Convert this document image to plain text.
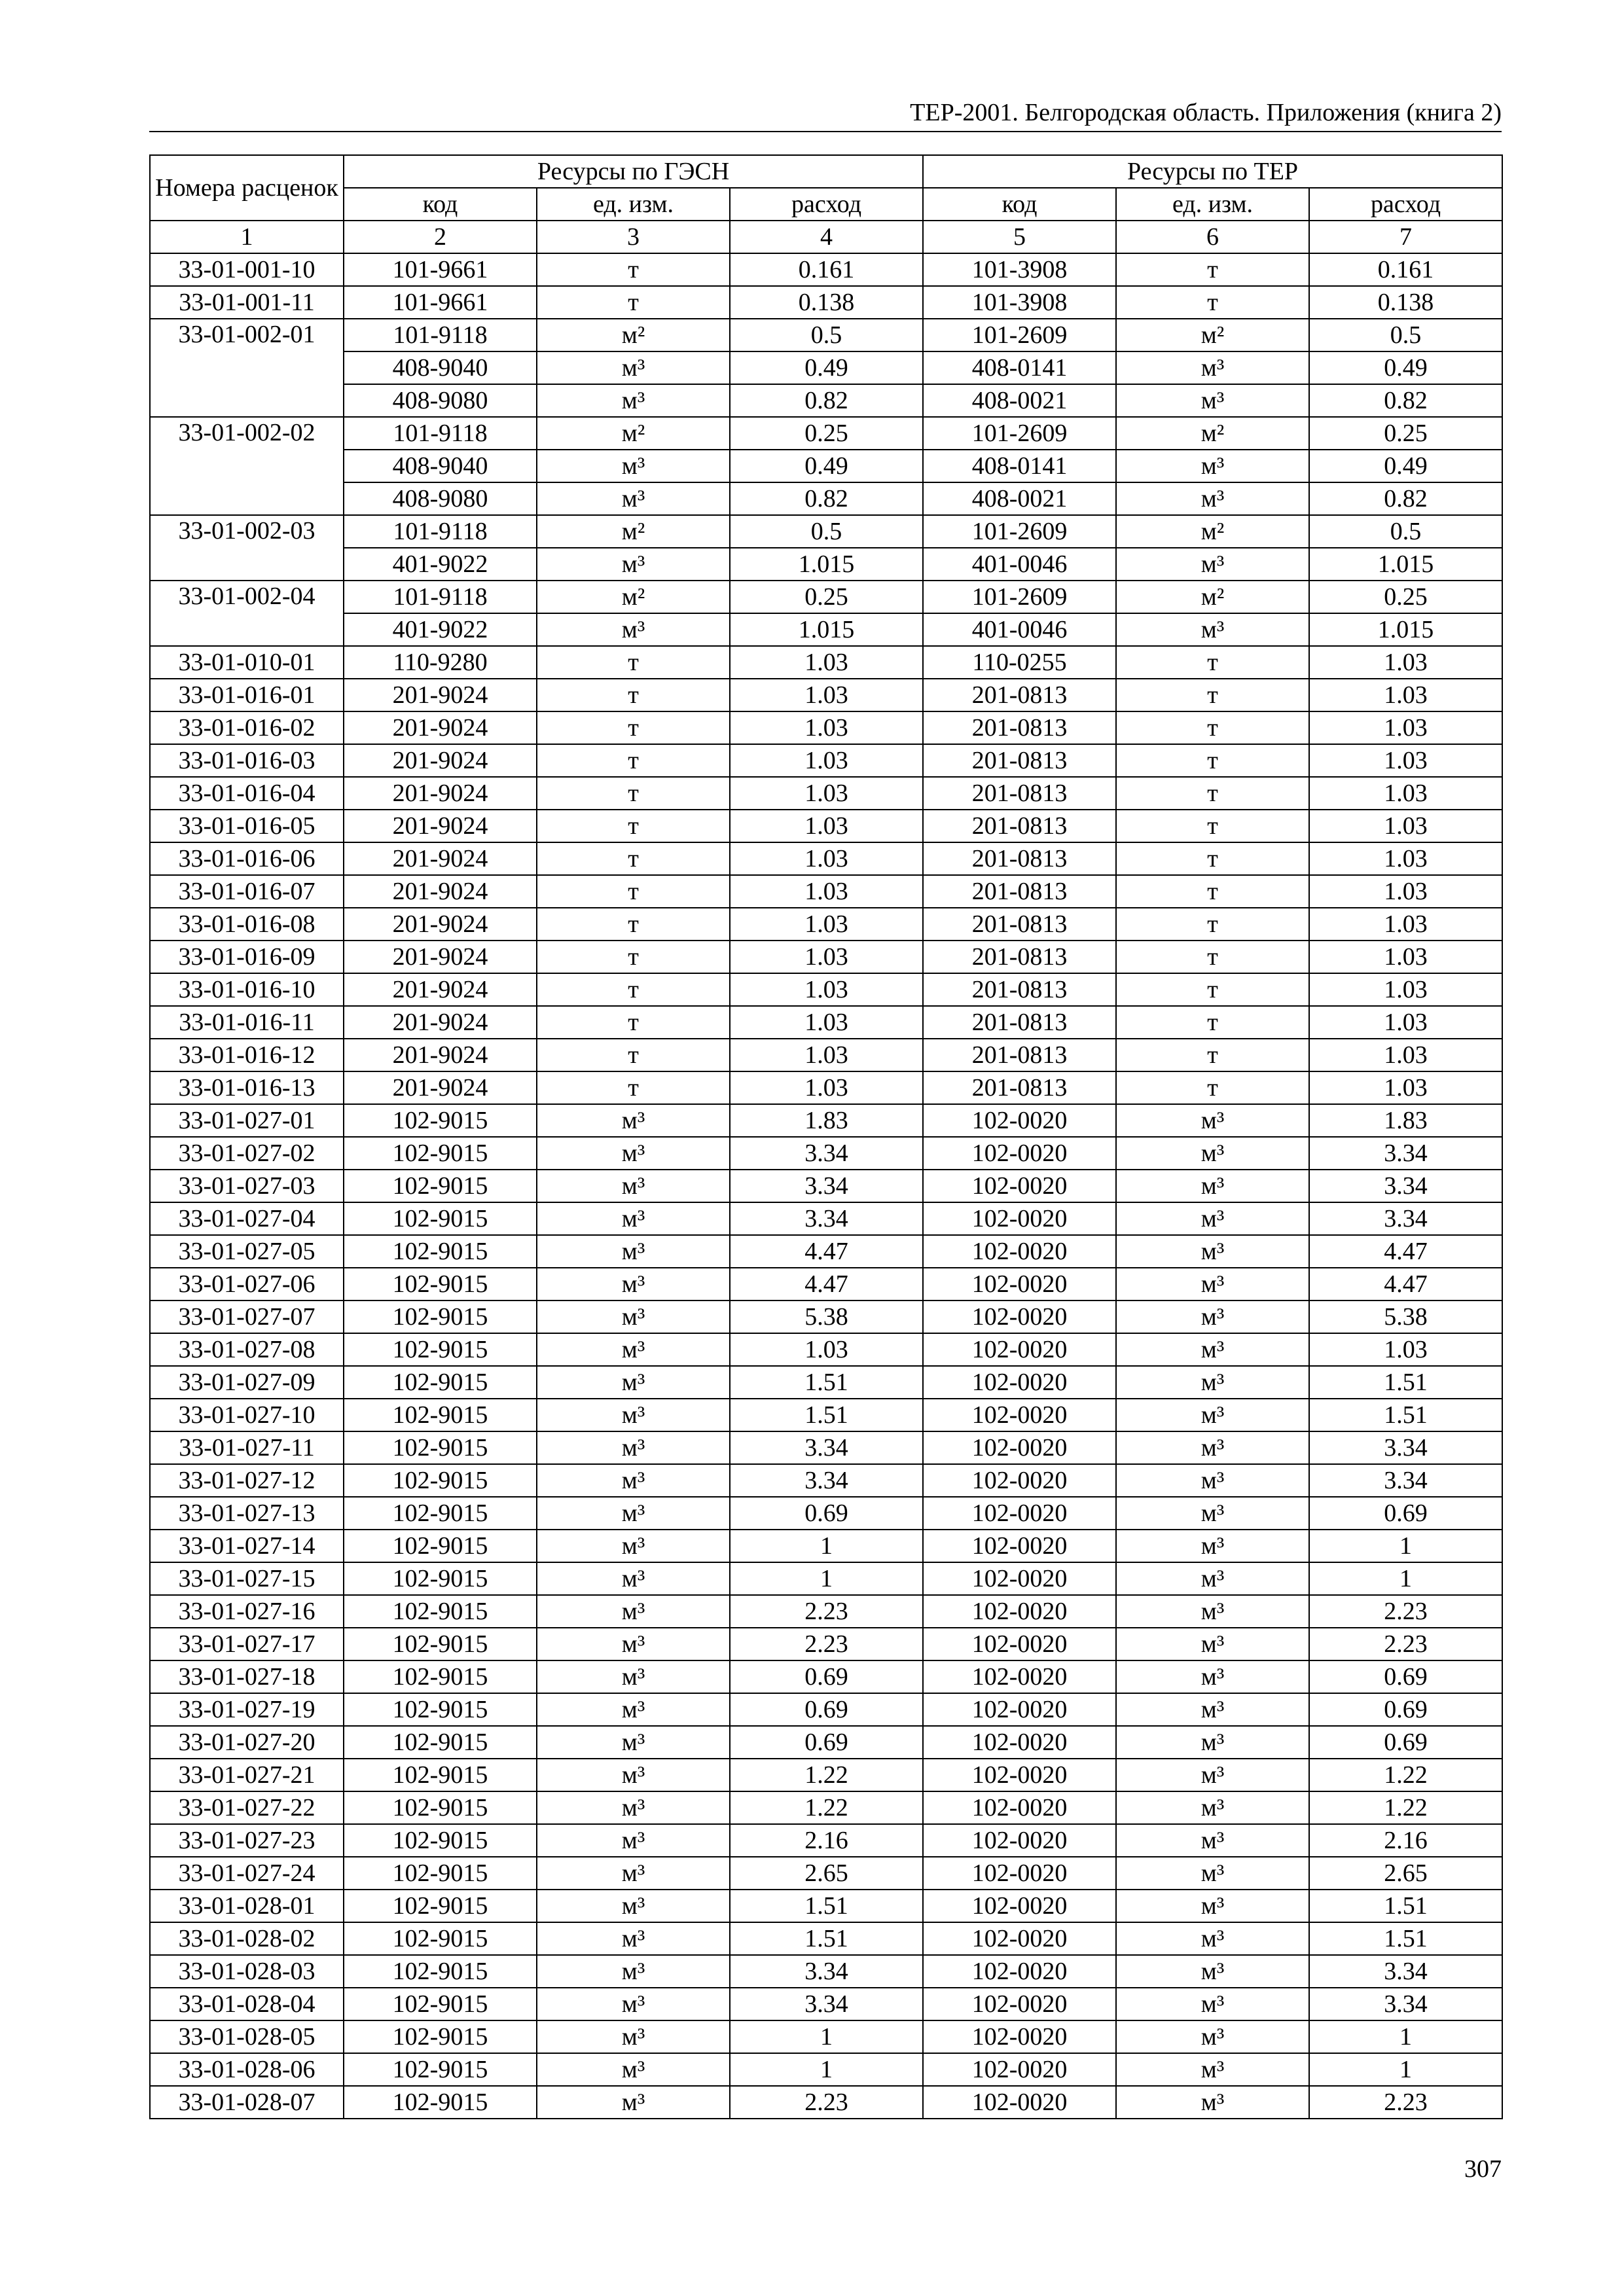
ТЕР-2001. Белгородская область. Приложения (книга 2)
Номера расценок	Ресурсы по ГЭСН			Ресурсы по ТЕР		
	код	ед. изм.	расход	код	ед. изм.	расход
1	2	3	4	5	6	7
33-01-001-10	101-9661	т	0.161	101-3908	т	0.161
33-01-001-11	101-9661	т	0.138	101-3908	т	0.138
33-01-002-01	101-9118	м²	0.5	101-2609	м²	0.5
	408-9040	м³	0.49	408-0141	м³	0.49
	408-9080	м³	0.82	408-0021	м³	0.82
33-01-002-02	101-9118	м²	0.25	101-2609	м²	0.25
	408-9040	м³	0.49	408-0141	м³	0.49
	408-9080	м³	0.82	408-0021	м³	0.82
33-01-002-03	101-9118	м²	0.5	101-2609	м²	0.5
	401-9022	м³	1.015	401-0046	м³	1.015
33-01-002-04	101-9118	м²	0.25	101-2609	м²	0.25
	401-9022	м³	1.015	401-0046	м³	1.015
33-01-010-01	110-9280	т	1.03	110-0255	т	1.03
33-01-016-01	201-9024	т	1.03	201-0813	т	1.03
33-01-016-02	201-9024	т	1.03	201-0813	т	1.03
33-01-016-03	201-9024	т	1.03	201-0813	т	1.03
33-01-016-04	201-9024	т	1.03	201-0813	т	1.03
33-01-016-05	201-9024	т	1.03	201-0813	т	1.03
33-01-016-06	201-9024	т	1.03	201-0813	т	1.03
33-01-016-07	201-9024	т	1.03	201-0813	т	1.03
33-01-016-08	201-9024	т	1.03	201-0813	т	1.03
33-01-016-09	201-9024	т	1.03	201-0813	т	1.03
33-01-016-10	201-9024	т	1.03	201-0813	т	1.03
33-01-016-11	201-9024	т	1.03	201-0813	т	1.03
33-01-016-12	201-9024	т	1.03	201-0813	т	1.03
33-01-016-13	201-9024	т	1.03	201-0813	т	1.03
33-01-027-01	102-9015	м³	1.83	102-0020	м³	1.83
33-01-027-02	102-9015	м³	3.34	102-0020	м³	3.34
33-01-027-03	102-9015	м³	3.34	102-0020	м³	3.34
33-01-027-04	102-9015	м³	3.34	102-0020	м³	3.34
33-01-027-05	102-9015	м³	4.47	102-0020	м³	4.47
33-01-027-06	102-9015	м³	4.47	102-0020	м³	4.47
33-01-027-07	102-9015	м³	5.38	102-0020	м³	5.38
33-01-027-08	102-9015	м³	1.03	102-0020	м³	1.03
33-01-027-09	102-9015	м³	1.51	102-0020	м³	1.51
33-01-027-10	102-9015	м³	1.51	102-0020	м³	1.51
33-01-027-11	102-9015	м³	3.34	102-0020	м³	3.34
33-01-027-12	102-9015	м³	3.34	102-0020	м³	3.34
33-01-027-13	102-9015	м³	0.69	102-0020	м³	0.69
33-01-027-14	102-9015	м³	1	102-0020	м³	1
33-01-027-15	102-9015	м³	1	102-0020	м³	1
33-01-027-16	102-9015	м³	2.23	102-0020	м³	2.23
33-01-027-17	102-9015	м³	2.23	102-0020	м³	2.23
33-01-027-18	102-9015	м³	0.69	102-0020	м³	0.69
33-01-027-19	102-9015	м³	0.69	102-0020	м³	0.69
33-01-027-20	102-9015	м³	0.69	102-0020	м³	0.69
33-01-027-21	102-9015	м³	1.22	102-0020	м³	1.22
33-01-027-22	102-9015	м³	1.22	102-0020	м³	1.22
33-01-027-23	102-9015	м³	2.16	102-0020	м³	2.16
33-01-027-24	102-9015	м³	2.65	102-0020	м³	2.65
33-01-028-01	102-9015	м³	1.51	102-0020	м³	1.51
33-01-028-02	102-9015	м³	1.51	102-0020	м³	1.51
33-01-028-03	102-9015	м³	3.34	102-0020	м³	3.34
33-01-028-04	102-9015	м³	3.34	102-0020	м³	3.34
33-01-028-05	102-9015	м³	1	102-0020	м³	1
33-01-028-06	102-9015	м³	1	102-0020	м³	1
33-01-028-07	102-9015	м³	2.23	102-0020	м³	2.23
307
